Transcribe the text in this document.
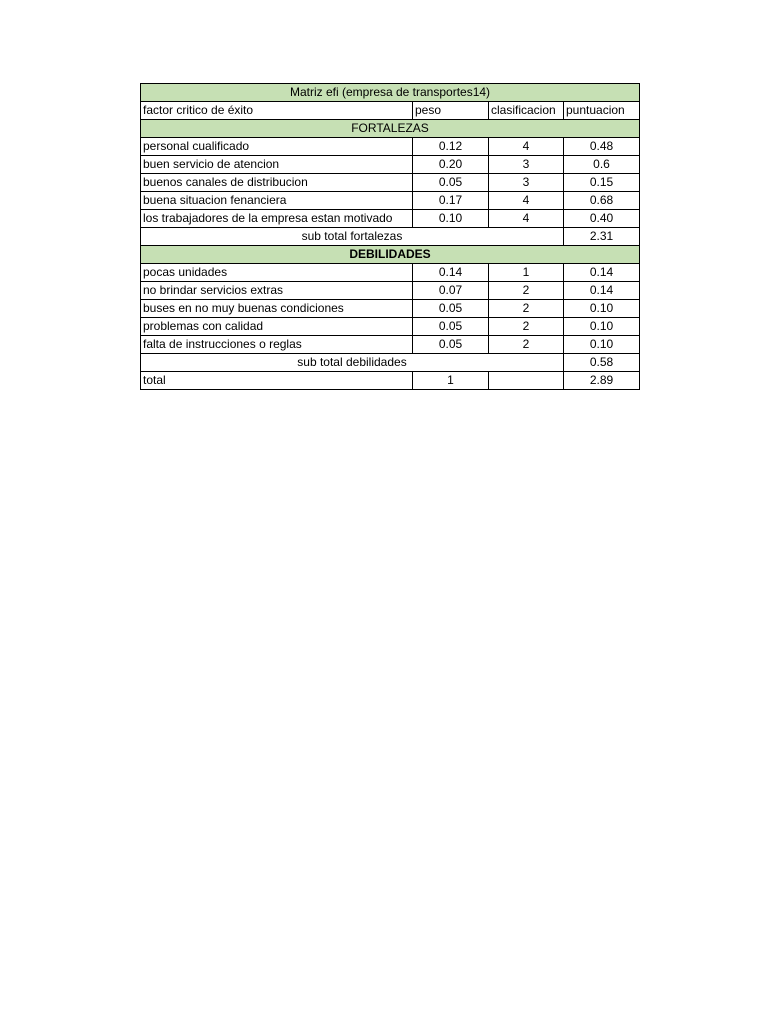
Matriz efi (empresa de transportes14)			
factor critico de éxito	peso	clasificacion	puntuacion
FORTALEZAS			
personal cualificado	0.12	4	0.48
buen servicio de atencion	0.20	3	0.6
buenos canales de distribucion	0.05	3	0.15
buena situacion fenanciera	0.17	4	0.68
los trabajadores de la empresa estan motivado	0.10	4	0.40
sub total fortalezas			2.31
DEBILIDADES			
pocas unidades	0.14	1	0.14
no brindar servicios extras	0.07	2	0.14
buses en no muy buenas condiciones	0.05	2	0.10
problemas con calidad	0.05	2	0.10
falta de instrucciones o reglas	0.05	2	0.10
sub total debilidades			0.58
total	1		2.89
